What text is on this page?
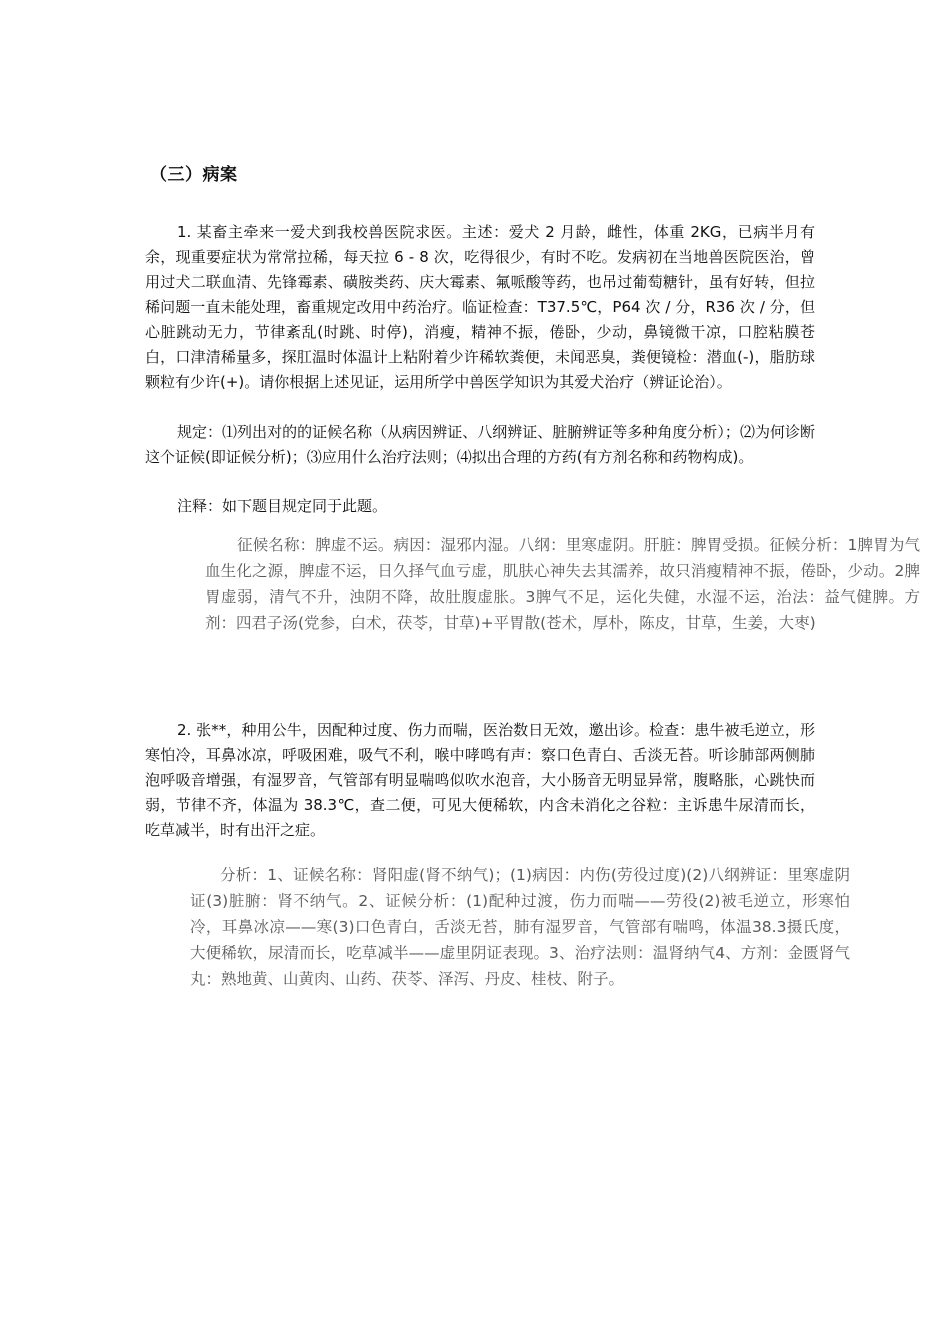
（三）病案

1. 某畜主牵来一爱犬到我校兽医院求医。主述：爱犬 2 月龄，雌性，体重 2KG，已病半月有余，现重要症状为常常拉稀，每天拉 6 - 8 次，吃得很少，有时不吃。发病初在当地兽医院医治，曾用过犬二联血清、先锋霉素、磺胺类药、庆大霉素、氟哌酸等药，也吊过葡萄糖针，虽有好转，但拉稀问题一直未能处理，畜重规定改用中药治疗。临证检查：T37.5℃，P64 次 / 分，R36 次 / 分，但心脏跳动无力，节律紊乱(时跳、时停)，消瘦，精神不振，倦卧，少动，鼻镜微干凉，口腔粘膜苍白，口津清稀量多，探肛温时体温计上粘附着少许稀软粪便，未闻恶臭，粪便镜检：潜血(-)，脂肪球颗粒有少许(+)。请你根据上述见证，运用所学中兽医学知识为其爱犬治疗（辨证论治）。

规定：⑴列出对的的证候名称（从病因辨证、八纲辨证、脏腑辨证等多种角度分析）；⑵为何诊断这个证候(即证候分析)；⑶应用什么治疗法则；⑷拟出合理的方药(有方剂名称和药物构成)。

注释：如下题目规定同于此题。

征候名称：脾虚不运。病因：湿邪内湿。八纲：里寒虚阴。肝脏：脾胃受损。征候分析：1脾胃为气血生化之源，脾虚不运，日久择气血亏虚，肌肤心神失去其濡养，故只消瘦精神不振，倦卧，少动。2脾胃虚弱，清气不升，浊阴不降，故肚腹虚胀。3脾气不足，运化失健，水湿不运，治法：益气健脾。方剂：四君子汤(党参，白术，茯苓，甘草)+平胃散(苍术，厚朴，陈皮，甘草，生姜，大枣)

2. 张**，种用公牛，因配种过度、伤力而喘，医治数日无效，邀出诊。检查：患牛被毛逆立，形寒怕冷，耳鼻冰凉，呼吸困难，吸气不利，喉中哮鸣有声：察口色青白、舌淡无苔。听诊肺部两侧肺泡呼吸音增强，有湿罗音，气管部有明显喘鸣似吹水泡音，大小肠音无明显异常，腹略胀，心跳快而弱，节律不齐，体温为 38.3℃，查二便，可见大便稀软，内含未消化之谷粒：主诉患牛尿清而长，吃草减半，时有出汗之症。

分析：1、证候名称：肾阳虚(肾不纳气)；(1)病因：内伤(劳役过度)(2)八纲辨证：里寒虚阴证(3)脏腑：肾不纳气。2、证候分析：(1)配种过渡，伤力而喘——劳役(2)被毛逆立，形寒怕冷，耳鼻冰凉——寒(3)口色青白，舌淡无苔，肺有湿罗音，气管部有喘鸣，体温38.3摄氏度，大便稀软，尿清而长，吃草减半——虚里阴证表现。3、治疗法则：温肾纳气4、方剂：金匮肾气丸：熟地黄、山黄肉、山药、茯苓、泽泻、丹皮、桂枝、附子。
